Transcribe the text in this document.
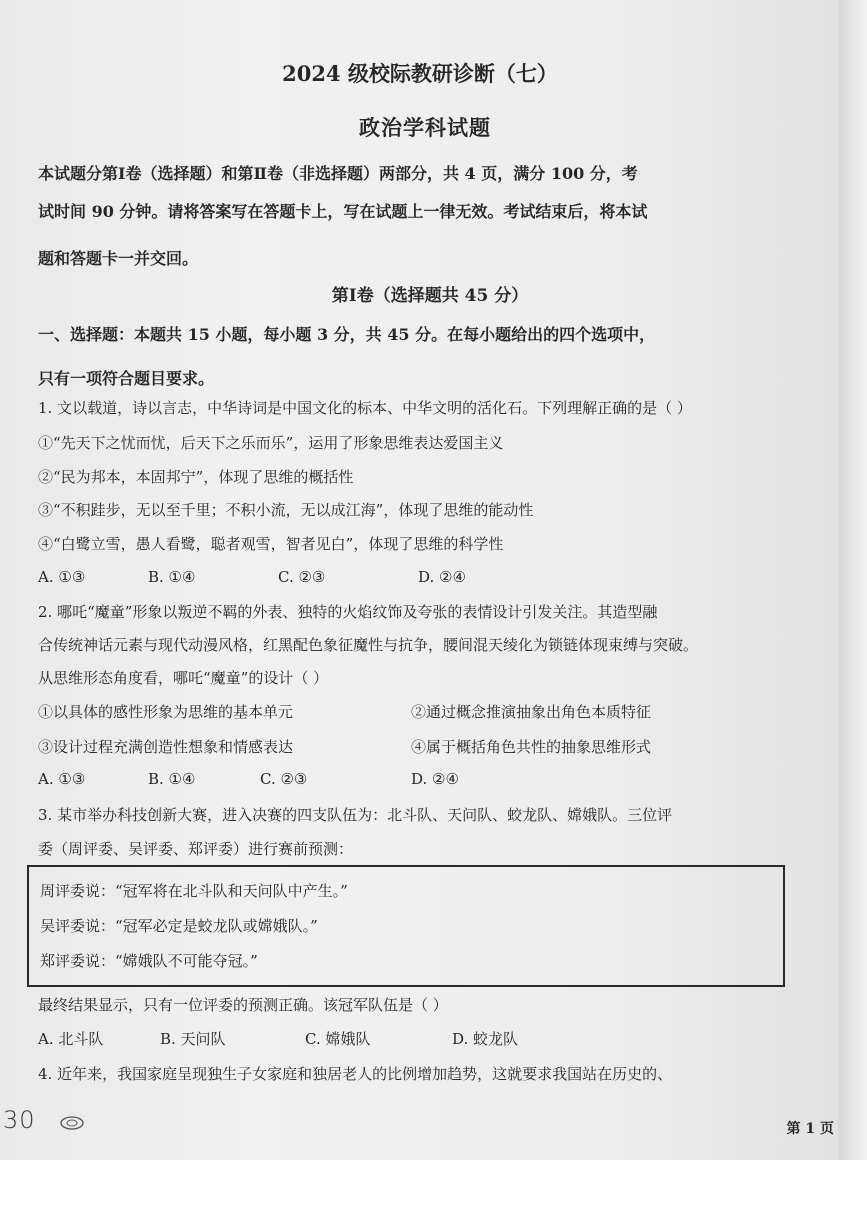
2024 级校际教研诊断（七）
政治学科试题
本试题分第Ⅰ卷（选择题）和第Ⅱ卷（非选择题）两部分，共 4 页，满分 100 分，考
试时间 90 分钟。请将答案写在答题卡上，写在试题上一律无效。考试结束后，将本试
题和答题卡一并交回。
第Ⅰ卷（选择题共 45 分）
一、选择题：本题共 15 小题，每小题 3 分，共 45 分。在每小题给出的四个选项中，
只有一项符合题目要求。
1. 文以载道，诗以言志，中华诗词是中国文化的标本、中华文明的活化石。下列理解正确的是（ ）
①“先天下之忧而忧，后天下之乐而乐”，运用了形象思维表达爱国主义
②“民为邦本，本固邦宁”，体现了思维的概括性
③“不积跬步，无以至千里；不积小流，无以成江海”，体现了思维的能动性
④“白鹭立雪，愚人看鹭，聪者观雪，智者见白”，体现了思维的科学性
A. ①③	B. ①④	C. ②③	D. ②④
2. 哪吒“魔童”形象以叛逆不羁的外表、独特的火焰纹饰及夸张的表情设计引发关注。其造型融
合传统神话元素与现代动漫风格，红黑配色象征魔性与抗争，腰间混天绫化为锁链体现束缚与突破。
从思维形态角度看，哪吒“魔童”的设计（ ）
①以具体的感性形象为思维的基本单元	②通过概念推演抽象出角色本质特征
③设计过程充满创造性想象和情感表达	④属于概括角色共性的抽象思维形式
A. ①③	B. ①④	C. ②③	D. ②④
3. 某市举办科技创新大赛，进入决赛的四支队伍为：北斗队、天问队、蛟龙队、嫦娥队。三位评
委（周评委、吴评委、郑评委）进行赛前预测：
周评委说：“冠军将在北斗队和天问队中产生。”
吴评委说：“冠军必定是蛟龙队或嫦娥队。”
郑评委说：“嫦娥队不可能夺冠。”
最终结果显示，只有一位评委的预测正确。该冠军队伍是（ ）
A. 北斗队	B. 天问队	C. 嫦娥队	D. 蛟龙队
4. 近年来，我国家庭呈现独生子女家庭和独居老人的比例增加趋势，这就要求我国站在历史的、
30	第 1 页
